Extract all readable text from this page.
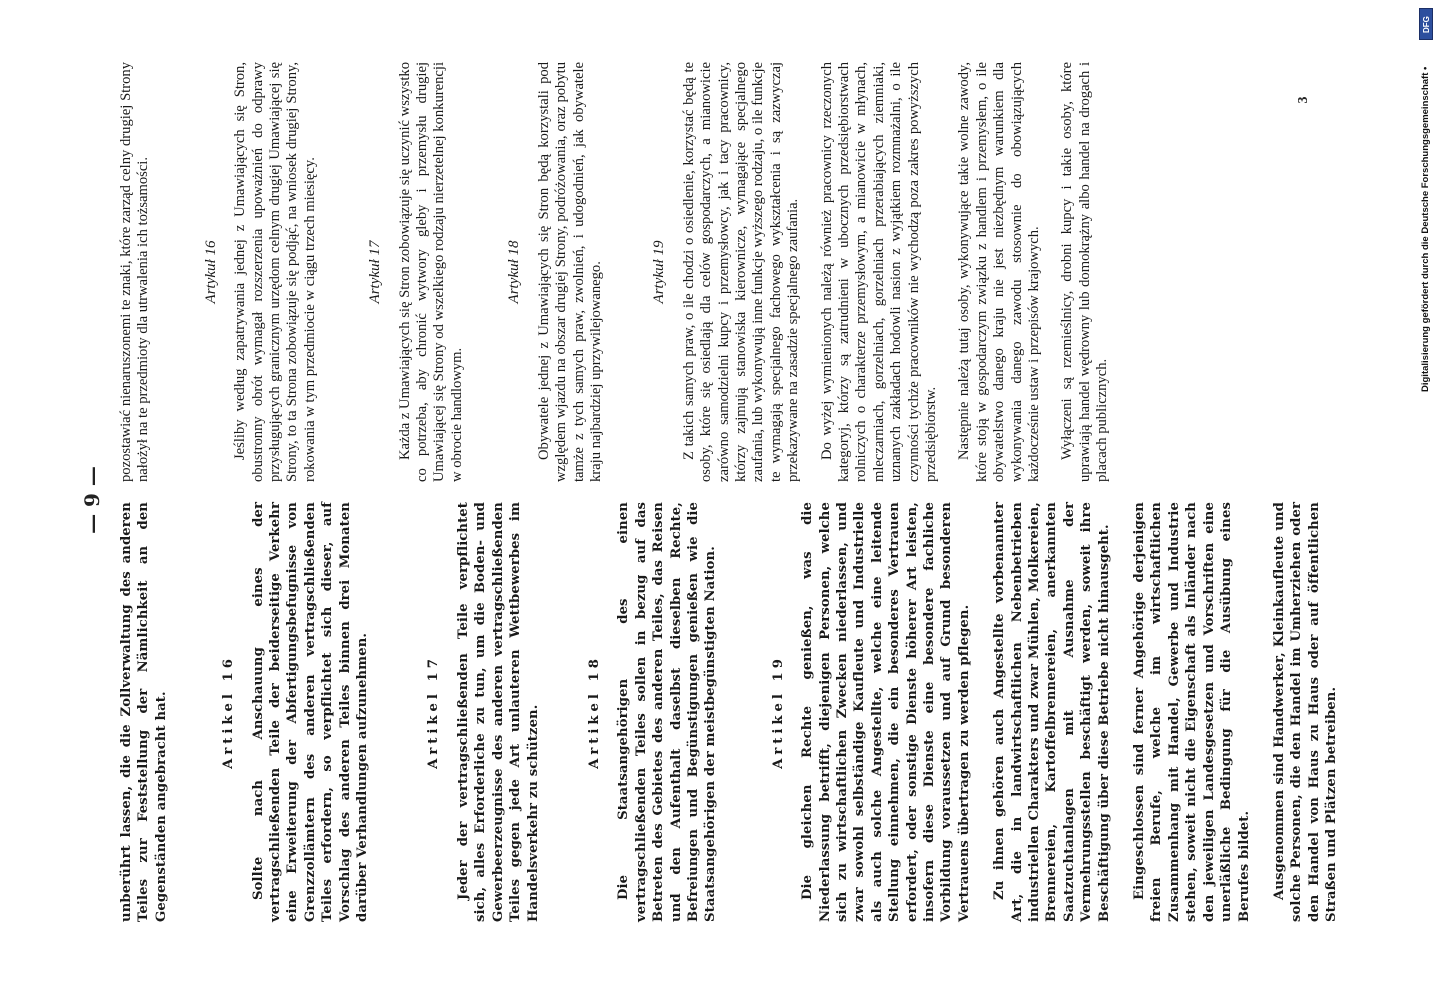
— 9 —

unberührt lassen, die die Zollverwaltung des anderen Teiles zur Feststellung der Nämlichkeit an den Gegenständen angebracht hat.	Artikel 16 Sollte nach Anschauung eines der vertragschließenden Teile der beiderseitige Verkehr eine Erweiterung der Abfertigungsbefugnisse von Grenzzollämtern des anderen vertragschließenden Teiles erfordern, so verpflichtet sich dieser, auf Vorschlag des anderen Teiles binnen drei Monaten darüber Verhandlungen aufzunehmen.	Artikel 17 Jeder der vertragschließenden Teile verpflichtet sich, alles Erforderliche zu tun, um die Boden- und Gewerbeerzeugnisse des anderen vertragschließenden Teiles gegen jede Art unlauteren Wettbewerbes im Handelsverkehr zu schützen.	Artikel 18 Die Staatsangehörigen des einen vertragschließenden Teiles sollen in bezug auf das Betreten des Gebietes des anderen Teiles, das Reisen und den Aufenthalt daselbst dieselben Rechte, Befreiungen und Begünstigungen genießen wie die Staatsangehörigen der meistbegünstigten Nation.	Artikel 19 Die gleichen Rechte genießen, was die Niederlassung betrifft, diejenigen Personen, welche sich zu wirtschaftlichen Zwecken niederlassen, und zwar sowohl selbständige Kaufleute und Industrielle als auch solche Angestellte, welche eine leitende Stellung einnehmen, die ein besonderes Vertrauen erfordert, oder sonstige Dienste höherer Art leisten, insofern diese Dienste eine besondere fachliche Vorbildung voraussetzen und auf Grund besonderen Vertrauens übertragen zu werden pflegen. Zu ihnen gehören auch Angestellte vorbenannter Art, die in landwirtschaftlichen Nebenbetrieben industriellen Charakters und zwar Mühlen, Molkereien, Brennereien, Kartoffelbrennereien, anerkannten Saatzuchtanlagen mit Ausnahme der Vermehrungsstellen beschäftigt werden, soweit ihre Beschäftigung über diese Betriebe nicht hinausgeht. Eingeschlossen sind ferner Angehörige derjenigen freien Berufe, welche im wirtschaftlichen Zusammenhang mit Handel, Gewerbe und Industrie stehen, soweit nicht die Eigenschaft als Inländer nach den jeweiligen Landesgesetzen und Vorschriften eine unerläßliche Bedingung für die Ausübung eines Berufes bildet. Ausgenommen sind Handwerker, Kleinkaufleute und solche Personen, die den Handel im Umherziehen oder den Handel von Haus zu Haus oder auf öffentlichen Straßen und Plätzen betreiben.

pozostawiać nienaruszonemi te znaki, które zarząd celny drugiej Strony nałożył na te przedmioty dla utrwalenia ich tożsamości.	Artykuł 16 Jeśliby według zapatrywania jednej z Umawiających się Stron, obustronny obrót wymagał rozszerzenia upoważnień do odprawy przysługujących granicznym urzędom celnym drugiej Umawiającej się Strony, to ta Strona zobowiązuje się podjąć, na wniosek drugiej Strony, rokowania w tym przedmiocie w ciągu trzech miesięcy.	Artykuł 17 Każda z Umawiających się Stron zobowiązuje się uczynić wszystko co potrzeba, aby chronić wytwory gleby i przemysłu drugiej Umawiającej się Strony od wszelkiego rodzaju nierzetelnej konkurencji w obrocie handlowym.

Artykuł 18 Obywatele jednej z Umawiających się Stron będą korzystali pod względem wjazdu na obszar drugiej Strony, podróżowania, oraz pobytu tamże z tych samych praw, zwolnień, i udogodnień, jak obywatele kraju najbardziej uprzywilejowanego.	Artykuł 19 Z takich samych praw, o ile chodzi o osiedlenie, korzystać będą te osoby, które się osiedlają dla celów gospodarczych, a mianowicie zarówno samodzielni kupcy i przemysłowcy, jak i tacy pracownicy, którzy zajmują stanowiska kierownicze, wymagające specjalnego zaufania, lub wykonywują inne funkcje wyższego rodzaju, o ile funkcje te wymagają specjalnego fachowego wykształcenia i są zazwyczaj przekazywane na zasadzie specjalnego zaufania. Do wyżej wymienionych należą również pracownicy rzeczonych kategoryj, którzy są zatrudnieni w ubocznych przedsiębiorstwach rolniczych o charakterze przemysłowym, a mianowicie w młynach, mleczarniach, gorzelniach, gorzelniach przerabiających ziemniaki, uznanych zakładach hodowli nasion z wyjątkiem rozmnażalni, o ile czynności tychże pracowników nie wychodzą poza zakres powyższych przedsiębiorstw. Następnie należą tutaj osoby, wykonywujące takie wolne zawody, które stoją w gospodarczym związku z handlem i przemysłem, o ile obywatelstwo danego kraju nie jest niezbędnym warunkiem dla wykonywania danego zawodu stosownie do obowiązujących każdocześnie ustaw i przepisów krajowych. Wyłączeni są rzemieślnicy, drobni kupcy i takie osoby, które uprawiają handel wędrowny lub domokrążny albo handel na drogach i placach publicznych.

3
DFG
Digitalisierung gefördert durch die Deutsche Forschungsgemeinschaft •
